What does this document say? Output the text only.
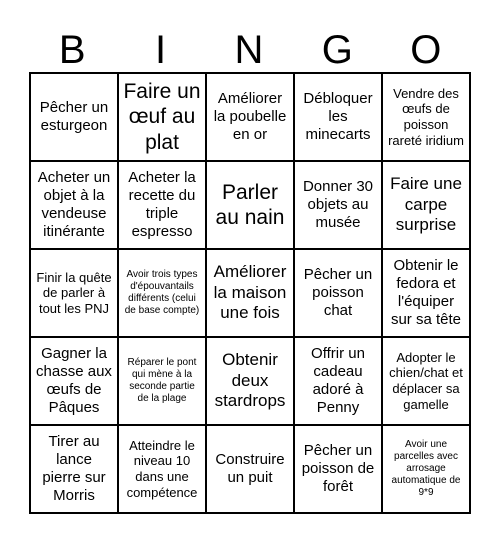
B	I	N	G	O
Pêcher un esturgeon
Faire un œuf au plat
Améliorer la poubelle en or
Débloquer les minecarts
Vendre des œufs de poisson rareté iridium
Acheter un objet à la vendeuse itinérante
Acheter la recette du triple espresso
Parler au nain
Donner 30 objets au musée
Faire une carpe surprise
Finir la quête de parler à tout les PNJ
Avoir trois types d'épouvantails différents (celui de base compte)
Améliorer la maison une fois
Pêcher un poisson chat
Obtenir le fedora et l'équiper sur sa tête
Gagner la chasse aux œufs de Pâques
Réparer le pont qui mène à la seconde partie de la plage
Obtenir deux stardrops
Offrir un cadeau adoré à Penny
Adopter le chien/chat et déplacer sa gamelle
Tirer au lance pierre sur Morris
Atteindre le niveau 10 dans une compétence
Construire un puit
Pêcher un poisson de forêt
Avoir une parcelles avec arrosage automatique de 9*9
